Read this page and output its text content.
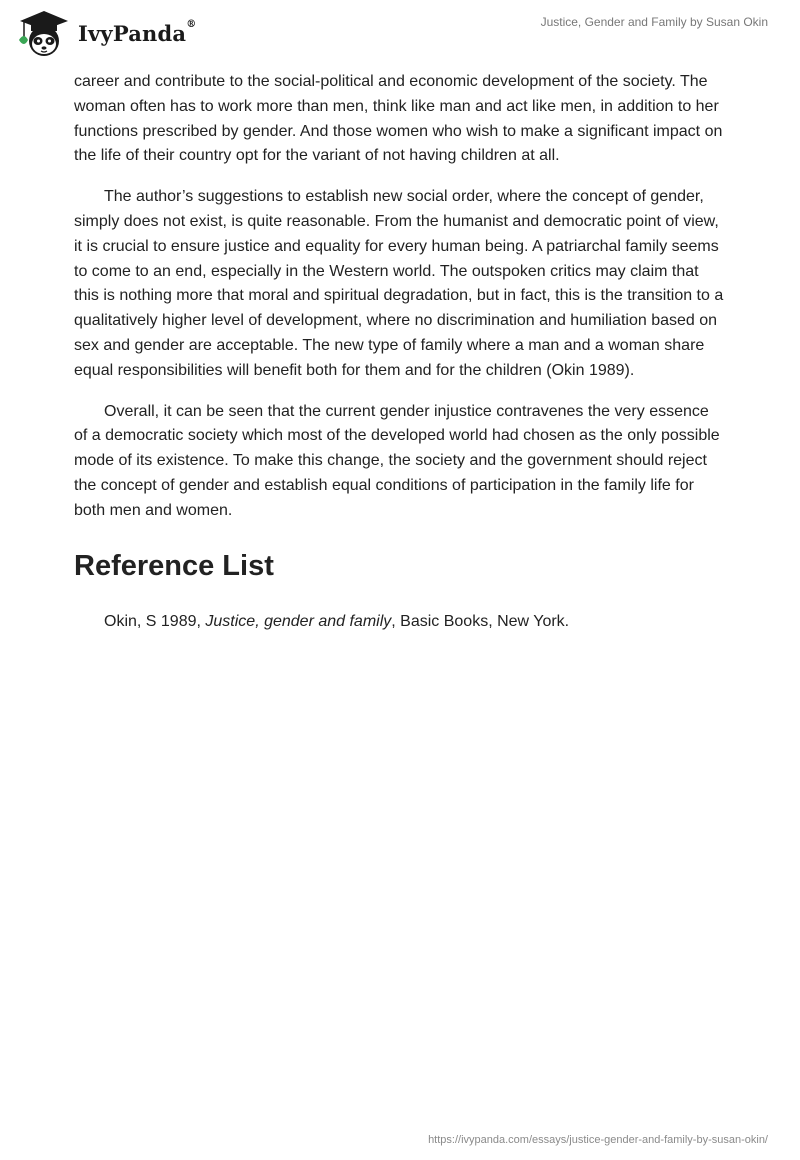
IvyPanda®	Justice, Gender and Family by Susan Okin

career and contribute to the social-political and economic development of the society. The woman often has to work more than men, think like man and act like men, in addition to her functions prescribed by gender. And those women who wish to make a significant impact on the life of their country opt for the variant of not having children at all.

The author’s suggestions to establish new social order, where the concept of gender, simply does not exist, is quite reasonable. From the humanist and democratic point of view, it is crucial to ensure justice and equality for every human being. A patriarchal family seems to come to an end, especially in the Western world. The outspoken critics may claim that this is nothing more that moral and spiritual degradation, but in fact, this is the transition to a qualitatively higher level of development, where no discrimination and humiliation based on sex and gender are acceptable. The new type of family where a man and a woman share equal responsibilities will benefit both for them and for the children (Okin 1989).

Overall, it can be seen that the current gender injustice contravenes the very essence of a democratic society which most of the developed world had chosen as the only possible mode of its existence. To make this change, the society and the government should reject the concept of gender and establish equal conditions of participation in the family life for both men and women.

Reference List

Okin, S 1989, Justice, gender and family, Basic Books, New York.

https://ivypanda.com/essays/justice-gender-and-family-by-susan-okin/
